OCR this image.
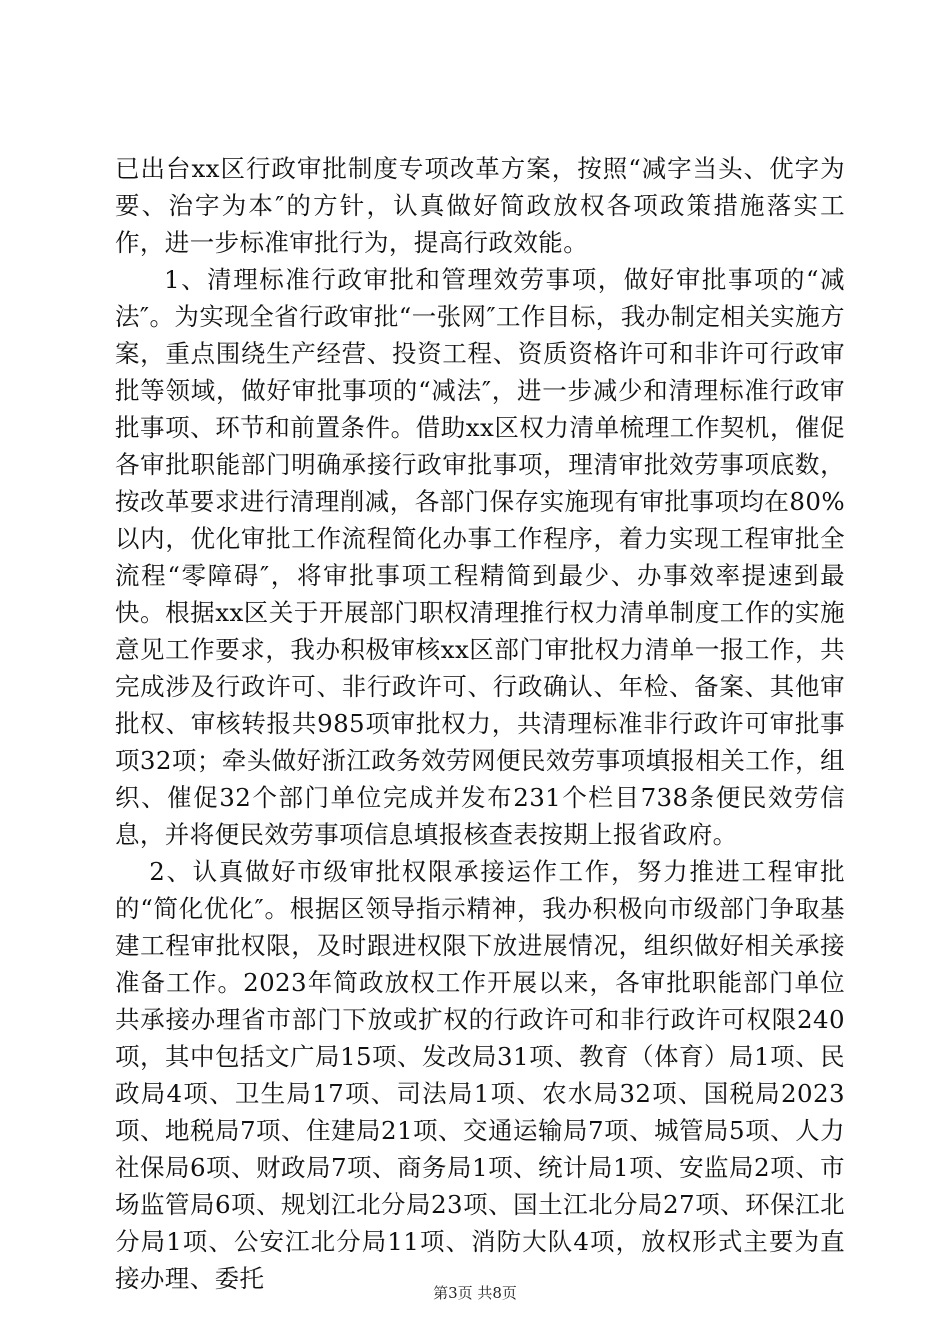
已出台xx区行政审批制度专项改革方案，按照“减字当头、优字为要、治字为本″的方针，认真做好简政放权各项政策措施落实工作，进一步标准审批行为，提高行政效能。

1、清理标准行政审批和管理效劳事项，做好审批事项的“减法″。为实现全省行政审批“一张网″工作目标，我办制定相关实施方案，重点围绕生产经营、投资工程、资质资格许可和非许可行政审批等领域，做好审批事项的“减法″，进一步减少和清理标准行政审批事项、环节和前置条件。借助xx区权力清单梳理工作契机，催促各审批职能部门明确承接行政审批事项，理清审批效劳事项底数，按改革要求进行清理削减，各部门保存实施现有审批事项均在80%以内，优化审批工作流程简化办事工作程序，着力实现工程审批全流程“零障碍″，将审批事项工程精简到最少、办事效率提速到最快。根据xx区关于开展部门职权清理推行权力清单制度工作的实施意见工作要求，我办积极审核xx区部门审批权力清单一报工作，共完成涉及行政许可、非行政许可、行政确认、年检、备案、其他审批权、审核转报共985项审批权力，共清理标准非行政许可审批事项32项；牵头做好浙江政务效劳网便民效劳事项填报相关工作，组织、催促32个部门单位完成并发布231个栏目738条便民效劳信息，并将便民效劳事项信息填报核查表按期上报省政府。

2、认真做好市级审批权限承接运作工作，努力推进工程审批的“简化优化″。根据区领导指示精神，我办积极向市级部门争取基建工程审批权限，及时跟进权限下放进展情况，组织做好相关承接准备工作。2023年简政放权工作开展以来，各审批职能部门单位共承接办理省市部门下放或扩权的行政许可和非行政许可权限240项，其中包括文广局15项、发改局31项、教育（体育）局1项、民政局4项、卫生局17项、司法局1项、农水局32项、国税局2023项、地税局7项、住建局21项、交通运输局7项、城管局5项、人力社保局6项、财政局7项、商务局1项、统计局1项、安监局2项、市场监管局6项、规划江北分局23项、国土江北分局27项、环保江北分局1项、公安江北分局11项、消防大队4项，放权形式主要为直接办理、委托	第3页 共8页
